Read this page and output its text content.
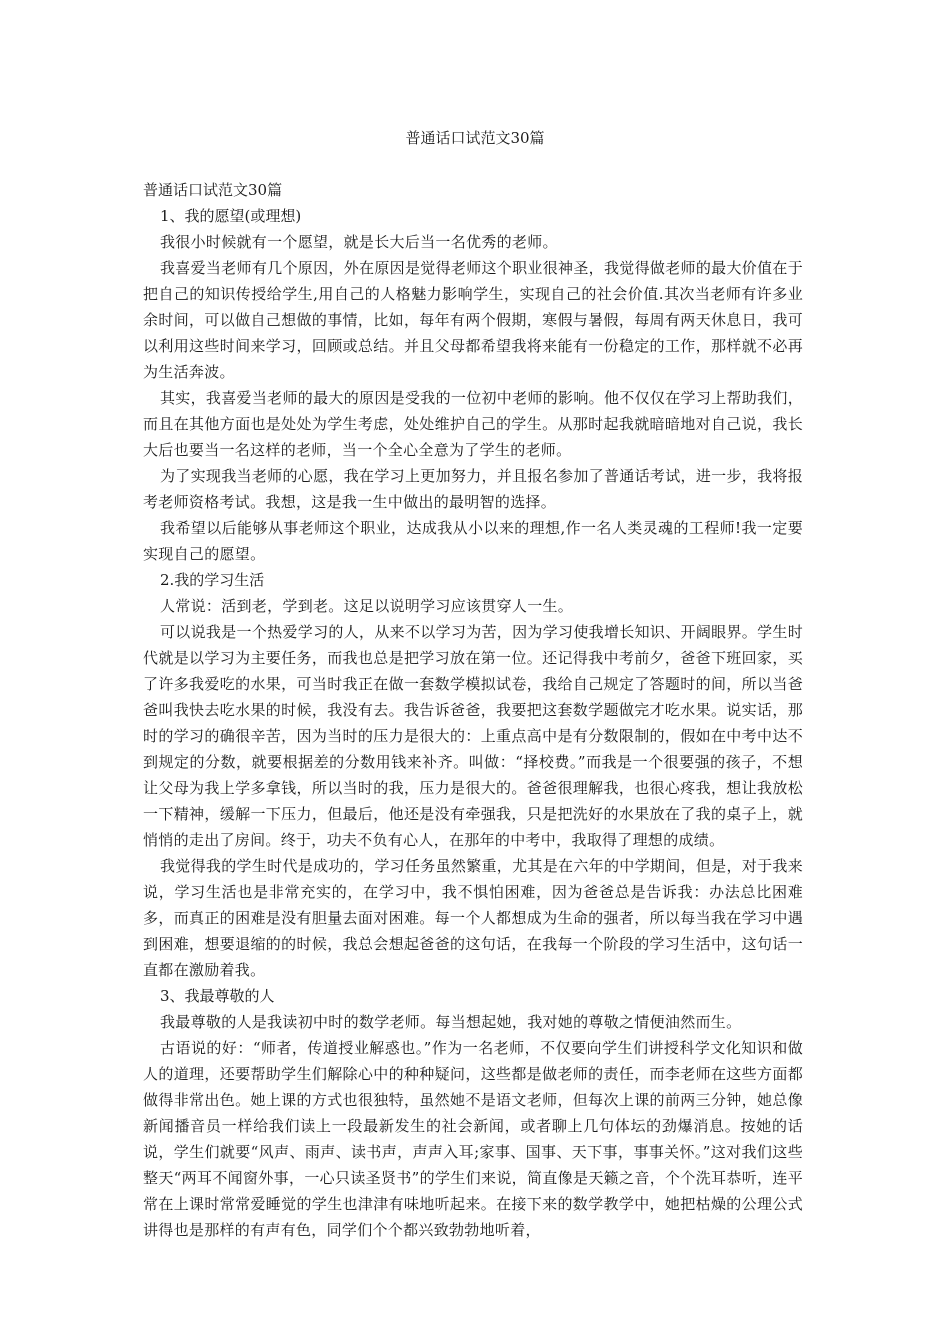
普通话口试范文30篇

普通话口试范文30篇

1、我的愿望(或理想)

我很小时候就有一个愿望，就是长大后当一名优秀的老师。

我喜爱当老师有几个原因，外在原因是觉得老师这个职业很神圣，我觉得做老师的最大价值在于把自己的知识传授给学生,用自己的人格魅力影响学生，实现自己的社会价值.其次当老师有许多业余时间，可以做自己想做的事情，比如，每年有两个假期，寒假与暑假，每周有两天休息日，我可以利用这些时间来学习，回顾或总结。并且父母都希望我将来能有一份稳定的工作，那样就不必再为生活奔波。

其实，我喜爱当老师的最大的原因是受我的一位初中老师的影响。他不仅仅在学习上帮助我们，而且在其他方面也是处处为学生考虑，处处维护自己的学生。从那时起我就暗暗地对自己说，我长大后也要当一名这样的老师，当一个全心全意为了学生的老师。

为了实现我当老师的心愿，我在学习上更加努力，并且报名参加了普通话考试，进一步，我将报考老师资格考试。我想，这是我一生中做出的最明智的选择。

我希望以后能够从事老师这个职业，达成我从小以来的理想,作一名人类灵魂的工程师!我一定要实现自己的愿望。

2.我的学习生活

人常说：活到老，学到老。这足以说明学习应该贯穿人一生。

可以说我是一个热爱学习的人，从来不以学习为苦，因为学习使我增长知识、开阔眼界。学生时代就是以学习为主要任务，而我也总是把学习放在第一位。还记得我中考前夕，爸爸下班回家，买了许多我爱吃的水果，可当时我正在做一套数学模拟试卷，我给自己规定了答题时的间，所以当爸爸叫我快去吃水果的时候，我没有去。我告诉爸爸，我要把这套数学题做完才吃水果。说实话，那时的学习的确很辛苦，因为当时的压力是很大的：上重点高中是有分数限制的，假如在中考中达不到规定的分数，就要根据差的分数用钱来补齐。叫做：“择校费。”而我是一个很要强的孩子，不想让父母为我上学多拿钱，所以当时的我，压力是很大的。爸爸很理解我，也很心疼我，想让我放松一下精神，缓解一下压力，但最后，他还是没有牵强我，只是把洗好的水果放在了我的桌子上，就悄悄的走出了房间。终于，功夫不负有心人，在那年的中考中，我取得了理想的成绩。

我觉得我的学生时代是成功的，学习任务虽然繁重，尤其是在六年的中学期间，但是，对于我来说，学习生活也是非常充实的，在学习中，我不惧怕困难，因为爸爸总是告诉我：办法总比困难多，而真正的困难是没有胆量去面对困难。每一个人都想成为生命的强者，所以每当我在学习中遇到困难，想要退缩的的时候，我总会想起爸爸的这句话，在我每一个阶段的学习生活中，这句话一直都在激励着我。

3、我最尊敬的人

我最尊敬的人是我读初中时的数学老师。每当想起她，我对她的尊敬之情便油然而生。

古语说的好：“师者，传道授业解惑也。”作为一名老师，不仅要向学生们讲授科学文化知识和做人的道理，还要帮助学生们解除心中的种种疑问，这些都是做老师的责任，而李老师在这些方面都做得非常出色。她上课的方式也很独特，虽然她不是语文老师，但每次上课的前两三分钟，她总像新闻播音员一样给我们读上一段最新发生的社会新闻，或者聊上几句体坛的劲爆消息。按她的话说，学生们就要“风声、雨声、读书声，声声入耳;家事、国事、天下事，事事关怀。”这对我们这些整天“两耳不闻窗外事，一心只读圣贤书”的学生们来说，简直像是天籁之音，个个洗耳恭听，连平常在上课时常常爱睡觉的学生也津津有味地听起来。在接下来的数学教学中，她把枯燥的公理公式讲得也是那样的有声有色，同学们个个都兴致勃勃地听着，
